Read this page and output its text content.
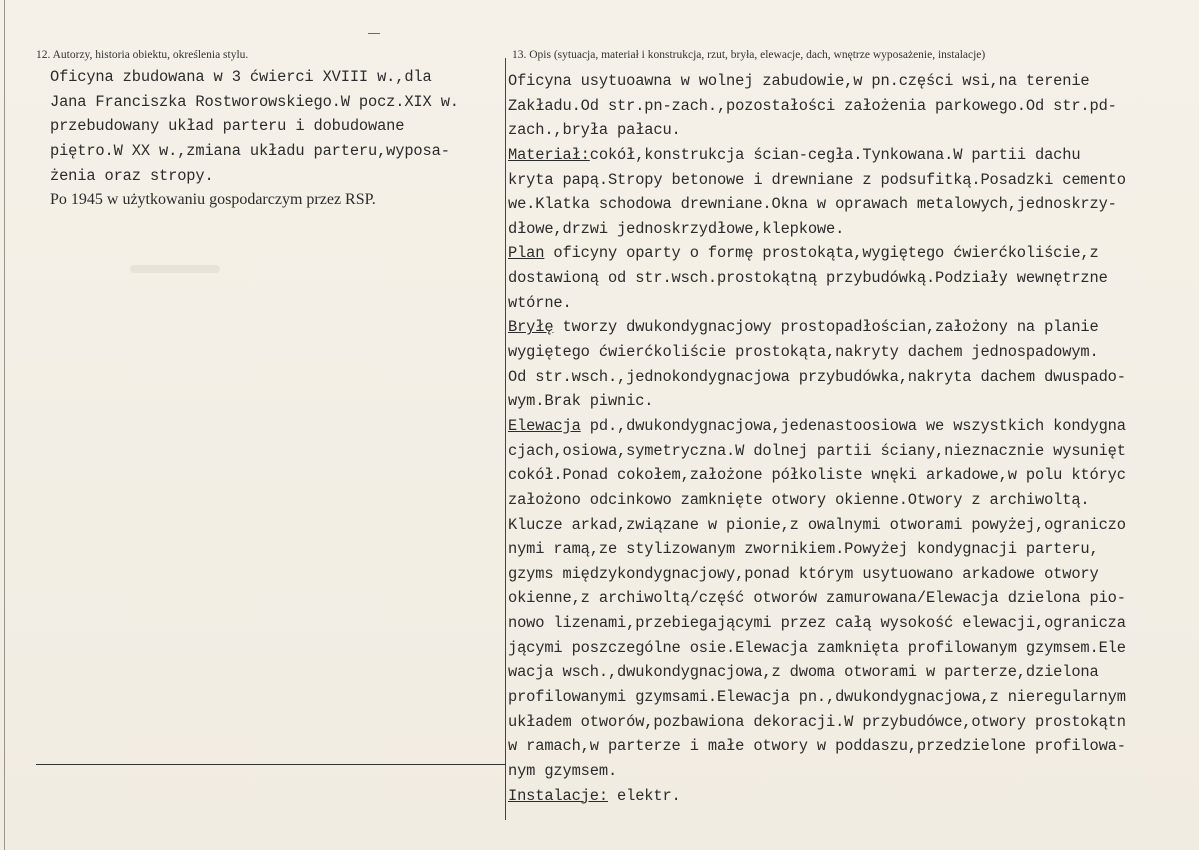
12. Autorzy, historia obiektu, określenia stylu.	13. Opis (sytuacja, materiał i konstrukcja, rzut, bryła, elewacje, dach, wnętrze wyposażenie, instalacje)
Oficyna zbudowana w 3 ćwierci XVIII w.,dla
Jana Franciszka Rostworowskiego.W pocz.XIX w.
przebudowany układ parteru i dobudowane
piętro.W XX w.,zmiana układu parteru,wyposa-
żenia oraz stropy.
Po 1945 w użytkowaniu gospodarczym przez RSP.
Oficyna usytuoawna w wolnej zabudowie,w pn.części wsi,na terenie
Zakładu.Od str.pn-zach.,pozostałości założenia parkowego.Od str.pd-
zach.,bryła pałacu.
Materiał:cokół,konstrukcja ścian-cegła.Tynkowana.W partii dachu
kryta papą.Stropy betonowe i drewniane z podsufitką.Posadzki cemento
we.Klatka schodowa drewniane.Okna w oprawach metalowych,jednoskrzy-
dłowe,drzwi jednoskrzydłowe,klepkowe.
Plan oficyny oparty o formę prostokąta,wygiętego ćwierćkoliście,z
dostawioną od str.wsch.prostokątną przybudówką.Podziały wewnętrzne
wtórne.
Bryłę tworzy dwukondygnacjowy prostopadłościan,założony na planie
wygiętego ćwierćkoliście prostokąta,nakryty dachem jednospadowym.
Od str.wsch.,jednokondygnacjowa przybudówka,nakryta dachem dwuspado-
wym.Brak piwnic.
Elewacja pd.,dwukondygnacjowa,jedenastoosiowa we wszystkich kondygna
cjach,osiowa,symetryczna.W dolnej partii ściany,nieznacznie wysunięt
cokół.Ponad cokołem,założone półkoliste wnęki arkadowe,w polu któryc
założono odcinkowo zamknięte otwory okienne.Otwory z archiwoltą.
Klucze arkad,związane w pionie,z owalnymi otworami powyżej,ograniczo
nymi ramą,ze stylizowanym zwornikiem.Powyżej kondygnacji parteru,
gzyms międzykondygnacjowy,ponad którym usytuowano arkadowe otwory
okienne,z archiwoltą/część otworów zamurowana/Elewacja dzielona pio-
nowo lizenami,przebiegającymi przez całą wysokość elewacji,ogranicza
jącymi poszczególne osie.Elewacja zamknięta profilowanym gzymsem.Ele
wacja wsch.,dwukondygnacjowa,z dwoma otworami w parterze,dzielona
profilowanymi gzymsami.Elewacja pn.,dwukondygnacjowa,z nieregularnym
układem otworów,pozbawiona dekoracji.W przybudówce,otwory prostokątn
w ramach,w parterze i małe otwory w poddaszu,przedzielone profilowa-
nym gzymsem.
Instalacje: elektr.
